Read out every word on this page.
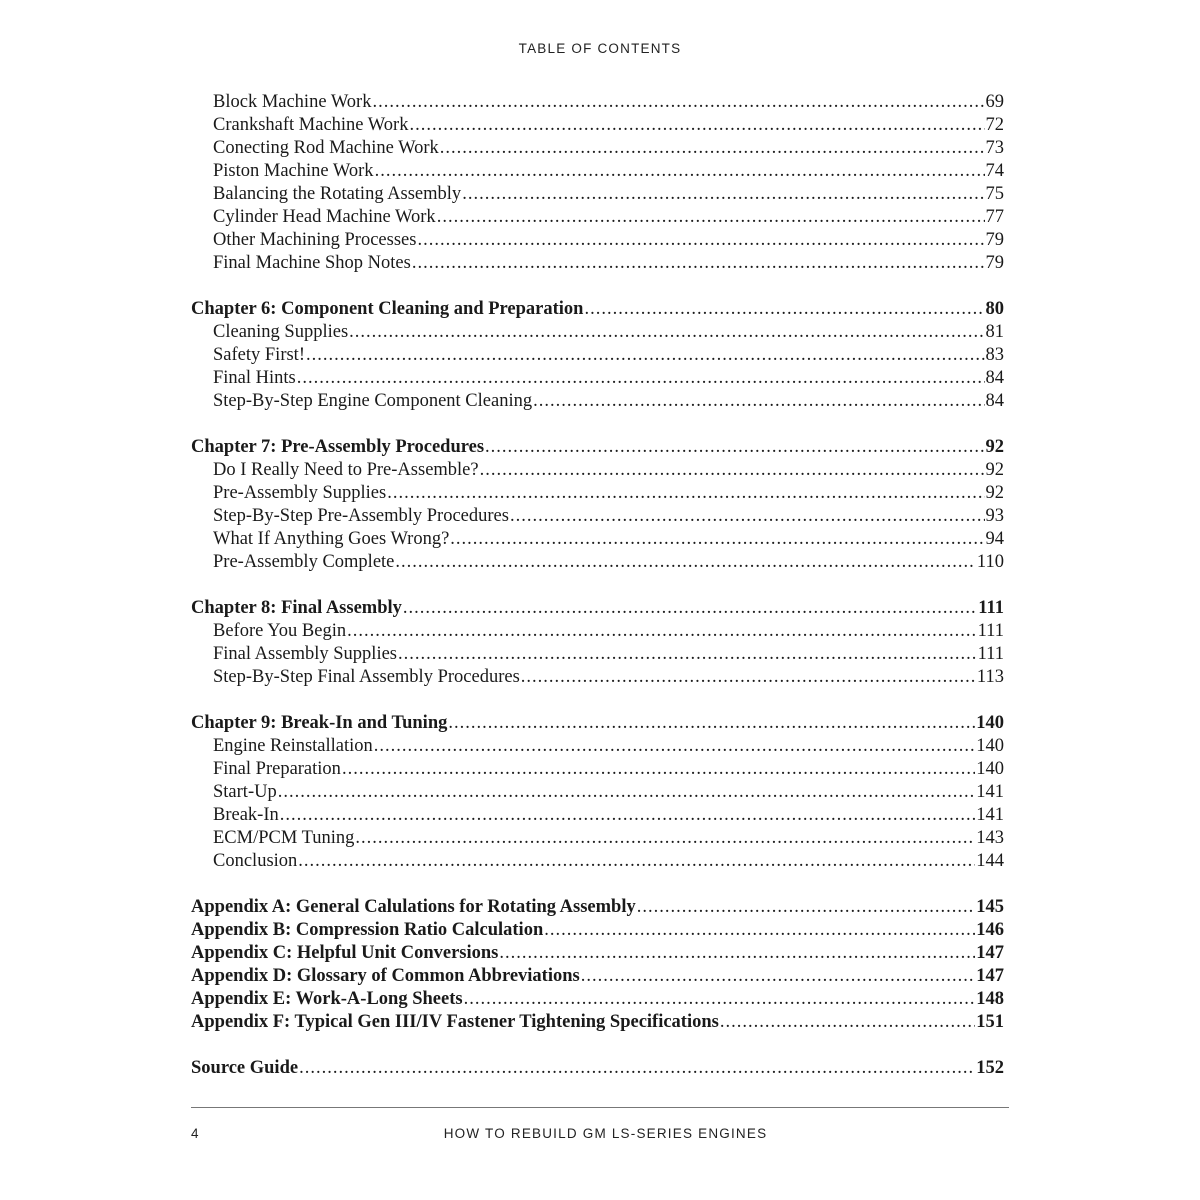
TABLE OF CONTENTS
Block Machine Work .....	69
Crankshaft Machine Work .....	72
Conecting Rod Machine Work .....	73
Piston Machine Work .....	74
Balancing the Rotating Assembly .....	75
Cylinder Head Machine Work .....	77
Other Machining Processes .....	79
Final Machine Shop Notes .....	79
Chapter 6: Component Cleaning and Preparation .....	80
Cleaning Supplies .....	81
Safety First! .....	83
Final Hints .....	84
Step-By-Step Engine Component Cleaning .....	84
Chapter 7: Pre-Assembly Procedures .....	92
Do I Really Need to Pre-Assemble? .....	92
Pre-Assembly Supplies .....	92
Step-By-Step Pre-Assembly Procedures .....	93
What If Anything Goes Wrong? .....	94
Pre-Assembly Complete .....	110
Chapter 8: Final Assembly .....	111
Before You Begin .....	111
Final Assembly Supplies .....	111
Step-By-Step Final Assembly Procedures .....	113
Chapter 9: Break-In and Tuning .....	140
Engine Reinstallation .....	140
Final Preparation .....	140
Start-Up .....	141
Break-In .....	141
ECM/PCM Tuning .....	143
Conclusion .....	144
Appendix A: General Calulations for Rotating Assembly .....	145
Appendix B: Compression Ratio Calculation .....	146
Appendix C: Helpful Unit Conversions .....	147
Appendix D: Glossary of Common Abbreviations .....	147
Appendix E: Work-A-Long Sheets .....	148
Appendix F: Typical Gen III/IV Fastener Tightening Specifications .....	151
Source Guide .....	152
4	HOW TO REBUILD GM LS-SERIES ENGINES
